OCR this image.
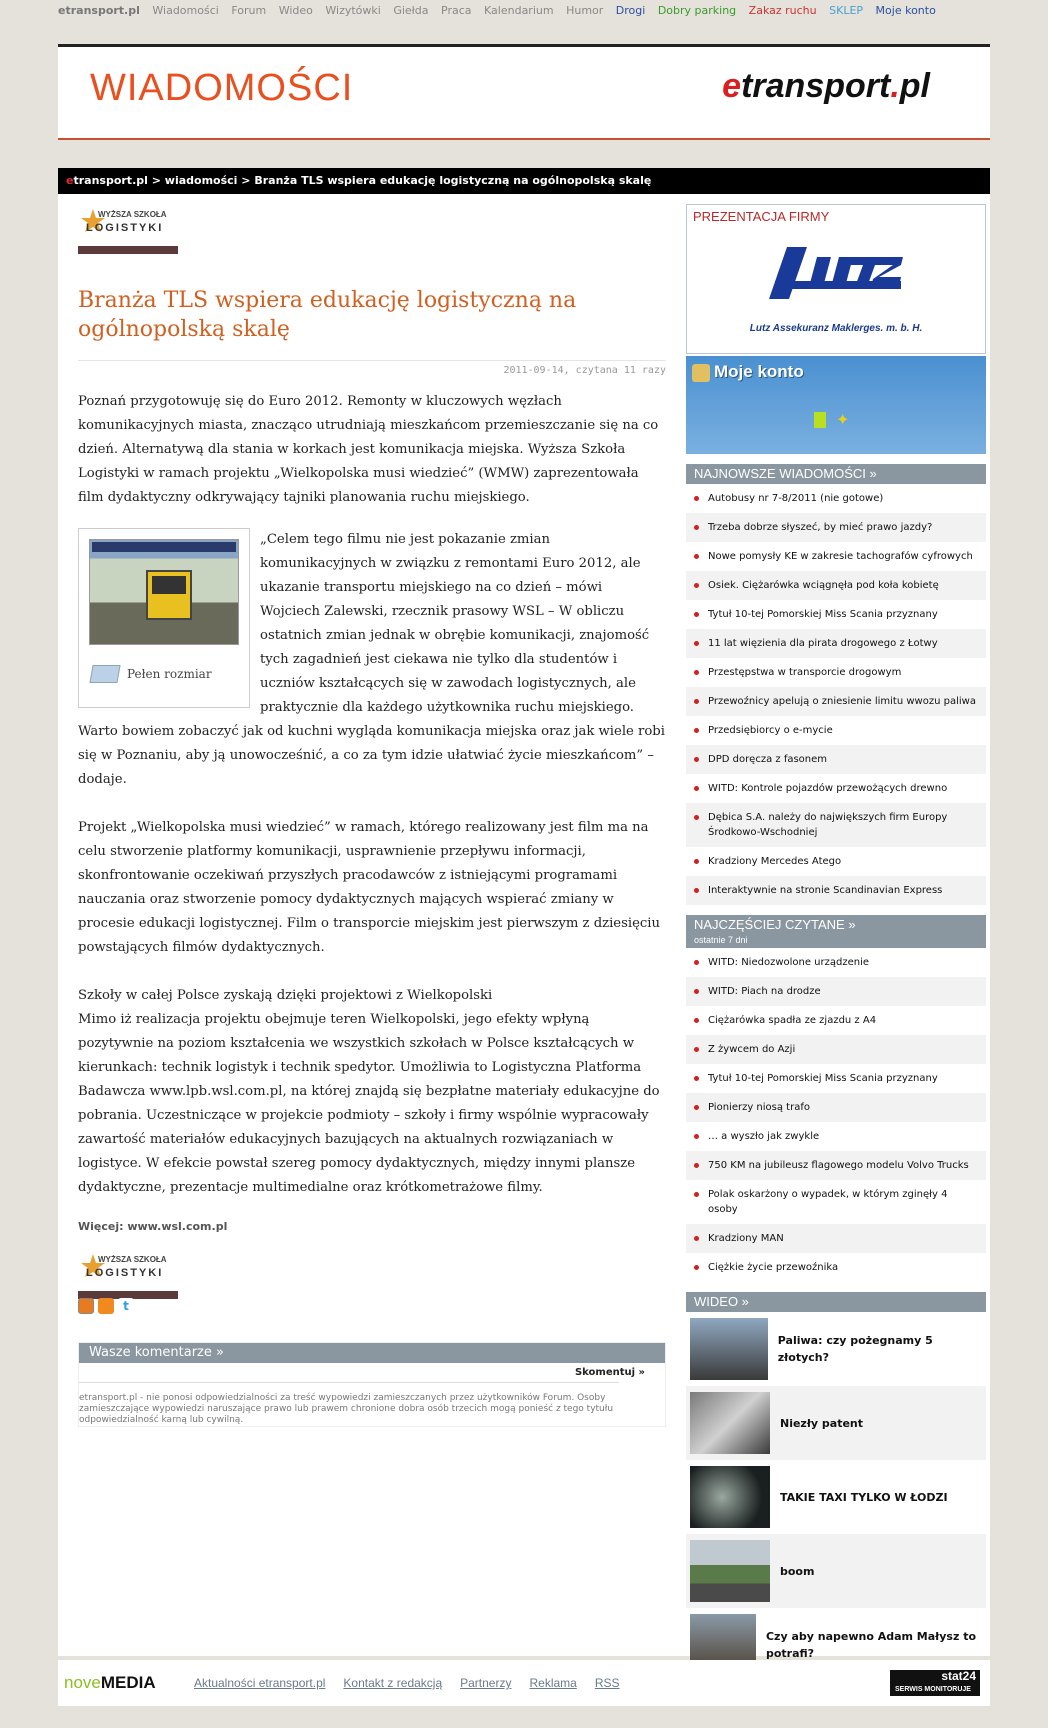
etransport.pl Wiadomości Forum Wideo Wizytówki Giełda Praca Kalendarium Humor Drogi Dobry parking Zakaz ruchu SKLEP Moje konto
WIADOMOŚCI	etransport.pl
etransport.pl > wiadomości > Branża TLS wspiera edukację logistyczną na ogólnopolską skalę
WYŻSZA SZKOŁA
LOGISTYKI
Branża TLS wspiera edukację logistyczną na ogólnopolską skalę
2011-09-14, czytana 11 razy

Poznań przygotowuję się do Euro 2012. Remonty w kluczowych węzłach komunikacyjnych miasta, znacząco utrudniają mieszkańcom przemieszczanie się na co dzień. Alternatywą dla stania w korkach jest komunikacja miejska. Wyższa Szkoła Logistyki w ramach projektu „Wielkopolska musi wiedzieć” (WMW) zaprezentowała film dydaktyczny odkrywający tajniki planowania ruchu miejskiego.

Pełen rozmiar

„Celem tego filmu nie jest pokazanie zmian komunikacyjnych w związku z remontami Euro 2012, ale ukazanie transportu miejskiego na co dzień – mówi Wojciech Zalewski, rzecznik prasowy WSL – W obliczu ostatnich zmian jednak w obrębie komunikacji, znajomość tych zagadnień jest ciekawa nie tylko dla studentów i uczniów kształcących się w zawodach logistycznych, ale praktycznie dla każdego użytkownika ruchu miejskiego. Warto bowiem zobaczyć jak od kuchni wygląda komunikacja miejska oraz jak wiele robi się w Poznaniu, aby ją unowocześnić, a co za tym idzie ułatwiać życie mieszkańcom” – dodaje.

Projekt „Wielkopolska musi wiedzieć” w ramach, którego realizowany jest film ma na celu stworzenie platformy komunikacji, usprawnienie przepływu informacji, skonfrontowanie oczekiwań przyszłych pracodawców z istniejącymi programami nauczania oraz stworzenie pomocy dydaktycznych mających wspierać zmiany w procesie edukacji logistycznej. Film o transporcie miejskim jest pierwszym z dziesięciu powstających filmów dydaktycznych.

Szkoły w całej Polsce zyskają dzięki projektowi z Wielkopolski

Mimo iż realizacja projektu obejmuje teren Wielkopolski, jego efekty wpłyną pozytywnie na poziom kształcenia we wszystkich szkołach w Polsce kształcących w kierunkach: technik logistyk i technik spedytor. Umożliwia to Logistyczna Platforma Badawcza www.lpb.wsl.com.pl, na której znajdą się bezpłatne materiały edukacyjne do pobrania. Uczestniczące w projekcie podmioty – szkoły i firmy wspólnie wypracowały zawartość materiałów edukacyjnych bazujących na aktualnych rozwiązaniach w logistyce. W efekcie powstał szereg pomocy dydaktycznych, między innymi plansze dydaktyczne, prezentacje multimedialne oraz krótkometrażowe filmy.

Więcej: www.wsl.com.pl
WYŻSZA SZKOŁA
LOGISTYKI
t
Wasze komentarze »
Skomentuj »
etransport.pl - nie ponosi odpowiedzialności za treść wypowiedzi zamieszczanych przez użytkowników Forum. Osoby zamieszczające wypowiedzi naruszające prawo lub prawem chronione dobra osób trzecich mogą ponieść z tego tytułu odpowiedzialność karną lub cywilną.
PREZENTACJA FIRMY
Lutz Assekuranz Maklerges. m. b. H.
Moje konto
✦
NAJNOWSZE WIADOMOŚCI »
Autobusy nr 7-8/2011 (nie gotowe)
Trzeba dobrze słyszeć, by mieć prawo jazdy?
Nowe pomysły KE w zakresie tachografów cyfrowych
Osiek. Ciężarówka wciągnęła pod koła kobietę
Tytuł 10-tej Pomorskiej Miss Scania przyznany
11 lat więzienia dla pirata drogowego z Łotwy
Przestępstwa w transporcie drogowym
Przewoźnicy apelują o zniesienie limitu wwozu paliwa
Przedsiębiorcy o e-mycie
DPD doręcza z fasonem
WITD: Kontrole pojazdów przewożących drewno
Dębica S.A. należy do największych firm Europy Środkowo-Wschodniej
Kradziony Mercedes Atego
Interaktywnie na stronie Scandinavian Express
NAJCZĘŚCIEJ CZYTANE »
ostatnie 7 dni
WITD: Niedozwolone urządzenie
WITD: Piach na drodze
Ciężarówka spadła ze zjazdu z A4
Z żywcem do Azji
Tytuł 10-tej Pomorskiej Miss Scania przyznany
Pionierzy niosą trafo
… a wyszło jak zwykle
750 KM na jubileusz flagowego modelu Volvo Trucks
Polak oskarżony o wypadek, w którym zginęły 4 osoby
Kradziony MAN
Ciężkie życie przewoźnika
WIDEO »
Paliwa: czy pożegnamy 5 złotych?
Niezły patent
TAKIE TAXI TYLKO W ŁODZI
boom
Czy aby napewno Adam Małysz to potrafi?
noveMEDIA	Aktualności etransport.pl Kontakt z redakcją Partnerzy Reklama RSS	stat24
SERWIS MONITORUJE
